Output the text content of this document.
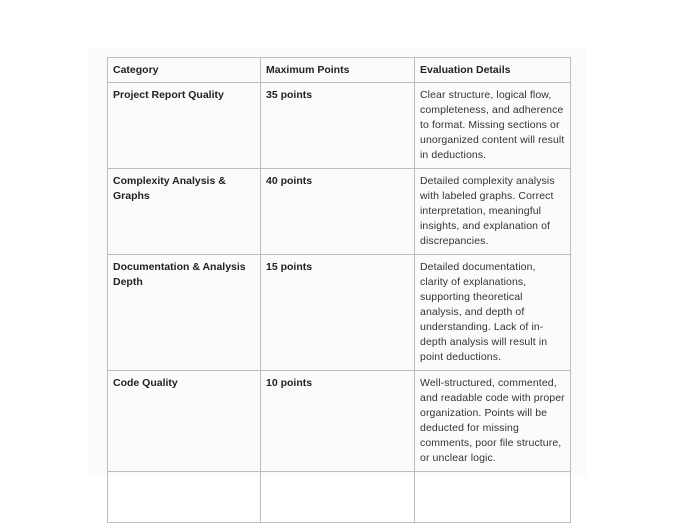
Category	Maximum Points	Evaluation Details
Project Report Quality	35 points	Clear structure, logical flow, completeness, and adherence to format. Missing sections or unorganized content will result in deductions.
Complexity Analysis & Graphs	40 points	Detailed complexity analysis with labeled graphs. Correct interpretation, meaningful insights, and explanation of discrepancies.
Documentation & Analysis Depth	15 points	Detailed documentation, clarity of explanations, supporting theoretical analysis, and depth of understanding. Lack of in-depth analysis will result in point deductions.
Code Quality	10 points	Well-structured, commented, and readable code with proper organization. Points will be deducted for missing comments, poor file structure, or unclear logic.
